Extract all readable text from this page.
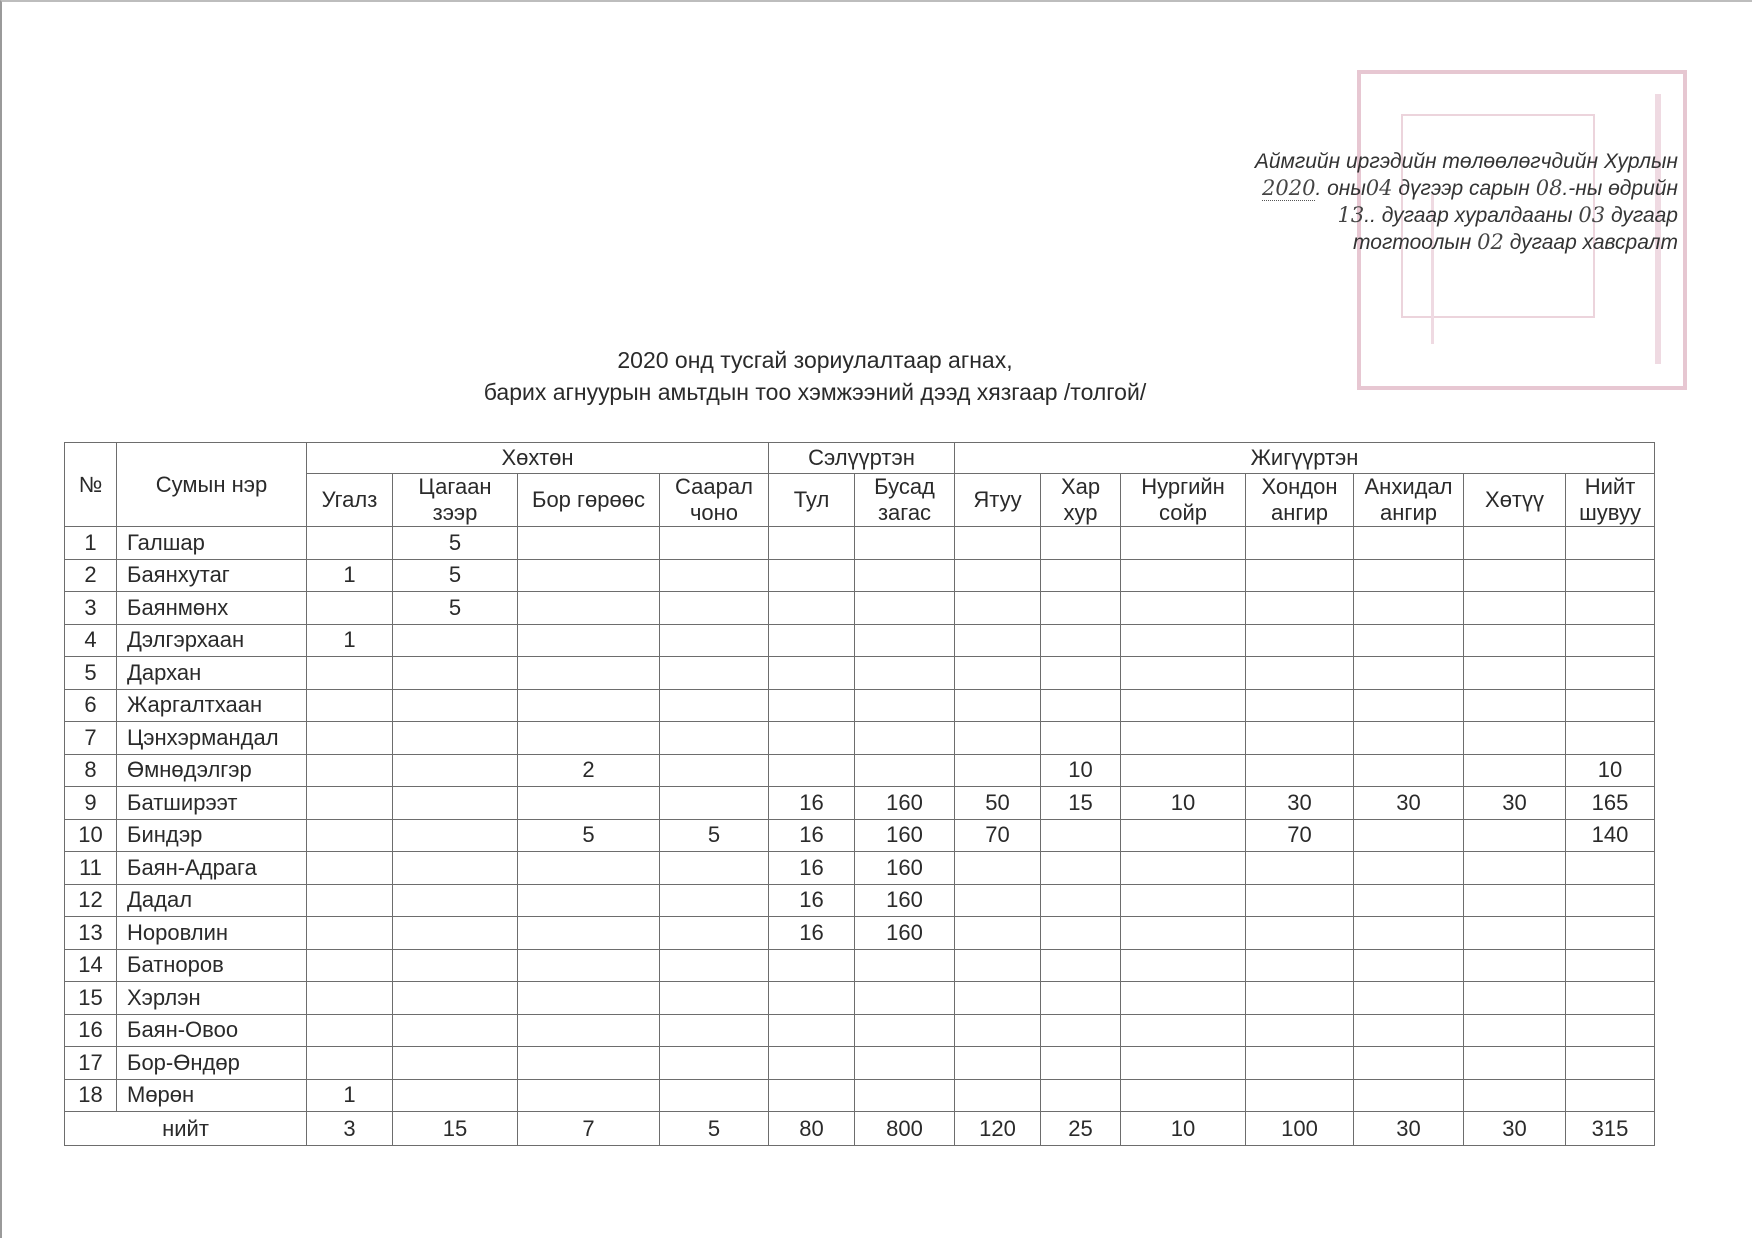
Аймгийн иргэдийн төлөөлөгчдийн Хурлын
2020. оны04 дүгээр сарын 08.-ны өдрийн
13.. дугаар хуралдааны 03 дугаар
тогтоолын 02 дугаар хавсралт
2020 онд тусгай зориулалтаар агнах,
барих агнуурын амьтдын тоо хэмжээний дээд хязгаар /толгой/
№	Сумын нэр	Хөхтөн				Сэлүүртэн		Жигүүртэн						
		Угалз	Цагаан зээр	Бор гөрөөс	Саарал чоно	Тул	Бусад загас	Ятуу	Хар хур	Нургийн сойр	Хондон ангир	Анхидал ангир	Хөтүү	Нийт шувуу
1	Галшар		5											
2	Баянхутаг	1	5											
3	Баянмөнх		5											
4	Дэлгэрхаан	1												
5	Дархан													
6	Жаргалтхаан													
7	Цэнхэрмандал													
8	Өмнөдэлгэр			2					10					10
9	Батширээт					16	160	50	15	10	30	30	30	165
10	Биндэр			5	5	16	160	70			70			140
11	Баян-Адрага					16	160							
12	Дадал					16	160							
13	Норовлин					16	160							
14	Батноров													
15	Хэрлэн													
16	Баян-Овоо													
17	Бор-Өндөр													
18	Мөрөн	1												
нийт		3	15	7	5	80	800	120	25	10	100	30	30	315
